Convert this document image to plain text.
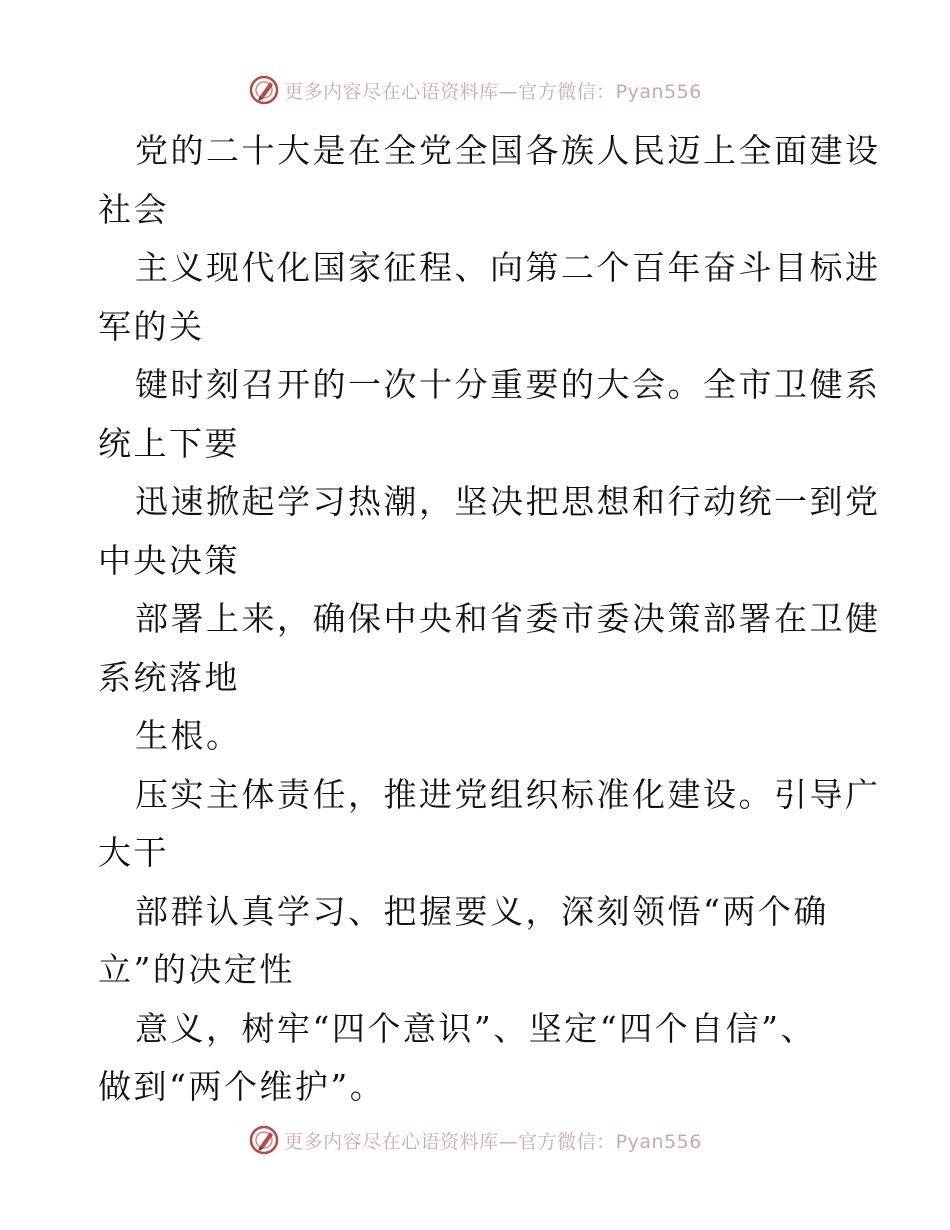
更多内容尽在心语资料库—官方微信：Pyan556
党的二十大是在全党全国各族人民迈上全面建设
社会
主义现代化国家征程、向第二个百年奋斗目标进
军的关
键时刻召开的一次十分重要的大会。全市卫健系
统上下要
迅速掀起学习热潮，坚决把思想和行动统一到党
中央决策
部署上来，确保中央和省委市委决策部署在卫健
系统落地
生根。
压实主体责任，推进党组织标准化建设。引导广
大干
部群认真学习、把握要义，深刻领悟“两个确
立”的决定性
意义，树牢“四个意识”、坚定“四个自信”、
做到“两个维护”。
更多内容尽在心语资料库—官方微信：Pyan556
